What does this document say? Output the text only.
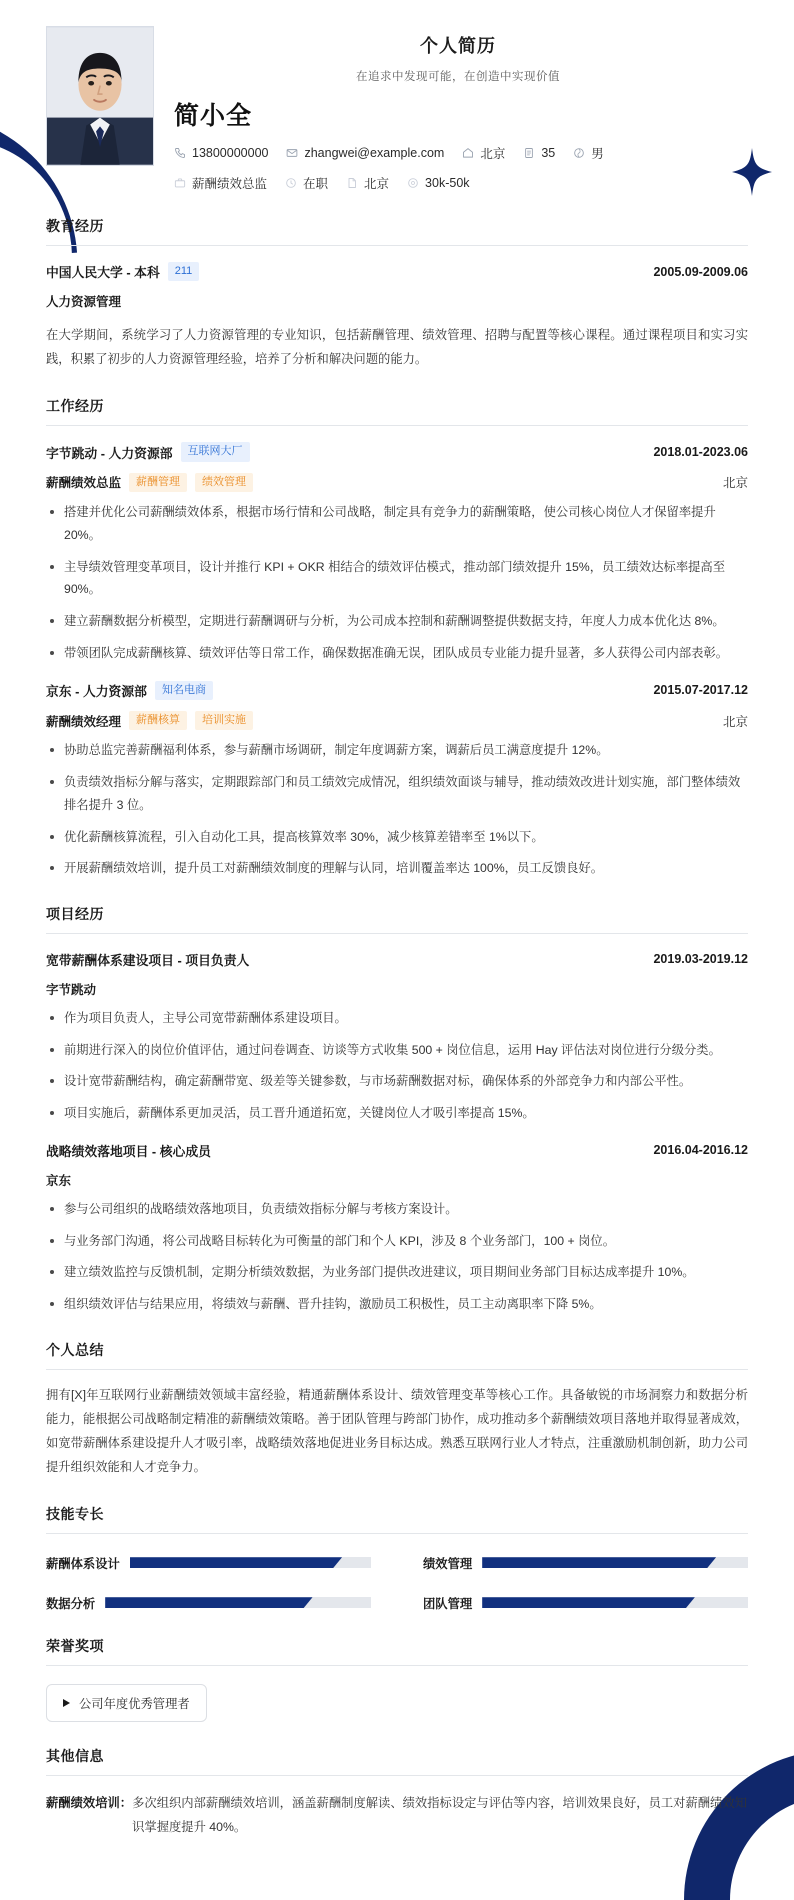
个人简历
在追求中发现可能，在创造中实现价值
简小全
13800000000	zhangwei@example.com	北京	35	男
薪酬绩效总监	在职	北京	30k-50k
教育经历
中国人民大学 - 本科	211	2005.09-2009.06
人力资源管理
在大学期间，系统学习了人力资源管理的专业知识，包括薪酬管理、绩效管理、招聘与配置等核心课程。通过课程项目和实习实践，积累了初步的人力资源管理经验，培养了分析和解决问题的能力。
工作经历
字节跳动 - 人力资源部	互联网大厂	2018.01-2023.06
薪酬绩效总监	薪酬管理	绩效管理	北京
搭建并优化公司薪酬绩效体系，根据市场行情和公司战略，制定具有竞争力的薪酬策略，使公司核心岗位人才保留率提升 20%。
主导绩效管理变革项目，设计并推行 KPI + OKR 相结合的绩效评估模式，推动部门绩效提升 15%，员工绩效达标率提高至 90%。
建立薪酬数据分析模型，定期进行薪酬调研与分析，为公司成本控制和薪酬调整提供数据支持，年度人力成本优化达 8%。
带领团队完成薪酬核算、绩效评估等日常工作，确保数据准确无误，团队成员专业能力提升显著，多人获得公司内部表彰。
京东 - 人力资源部	知名电商	2015.07-2017.12
薪酬绩效经理	薪酬核算	培训实施	北京
协助总监完善薪酬福利体系，参与薪酬市场调研，制定年度调薪方案，调薪后员工满意度提升 12%。
负责绩效指标分解与落实，定期跟踪部门和员工绩效完成情况，组织绩效面谈与辅导，推动绩效改进计划实施，部门整体绩效排名提升 3 位。
优化薪酬核算流程，引入自动化工具，提高核算效率 30%，减少核算差错率至 1%以下。
开展薪酬绩效培训，提升员工对薪酬绩效制度的理解与认同，培训覆盖率达 100%，员工反馈良好。
项目经历
宽带薪酬体系建设项目 - 项目负责人	2019.03-2019.12
字节跳动
作为项目负责人，主导公司宽带薪酬体系建设项目。
前期进行深入的岗位价值评估，通过问卷调查、访谈等方式收集 500 + 岗位信息，运用 Hay 评估法对岗位进行分级分类。
设计宽带薪酬结构，确定薪酬带宽、级差等关键参数，与市场薪酬数据对标，确保体系的外部竞争力和内部公平性。
项目实施后，薪酬体系更加灵活，员工晋升通道拓宽，关键岗位人才吸引率提高 15%。
战略绩效落地项目 - 核心成员	2016.04-2016.12
京东
参与公司组织的战略绩效落地项目，负责绩效指标分解与考核方案设计。
与业务部门沟通，将公司战略目标转化为可衡量的部门和个人 KPI，涉及 8 个业务部门，100 + 岗位。
建立绩效监控与反馈机制，定期分析绩效数据，为业务部门提供改进建议，项目期间业务部门目标达成率提升 10%。
组织绩效评估与结果应用，将绩效与薪酬、晋升挂钩，激励员工积极性，员工主动离职率下降 5%。
个人总结
拥有[X]年互联网行业薪酬绩效领域丰富经验，精通薪酬体系设计、绩效管理变革等核心工作。具备敏锐的市场洞察力和数据分析能力，能根据公司战略制定精准的薪酬绩效策略。善于团队管理与跨部门协作，成功推动多个薪酬绩效项目落地并取得显著成效，如宽带薪酬体系建设提升人才吸引率，战略绩效落地促进业务目标达成。熟悉互联网行业人才特点，注重激励机制创新，助力公司提升组织效能和人才竞争力。
技能专长
薪酬体系设计	绩效管理
数据分析	团队管理
荣誉奖项
公司年度优秀管理者
其他信息
薪酬绩效培训： 多次组织内部薪酬绩效培训，涵盖薪酬制度解读、绩效指标设定与评估等内容，培训效果良好，员工对薪酬绩效知识掌握度提升 40%。
